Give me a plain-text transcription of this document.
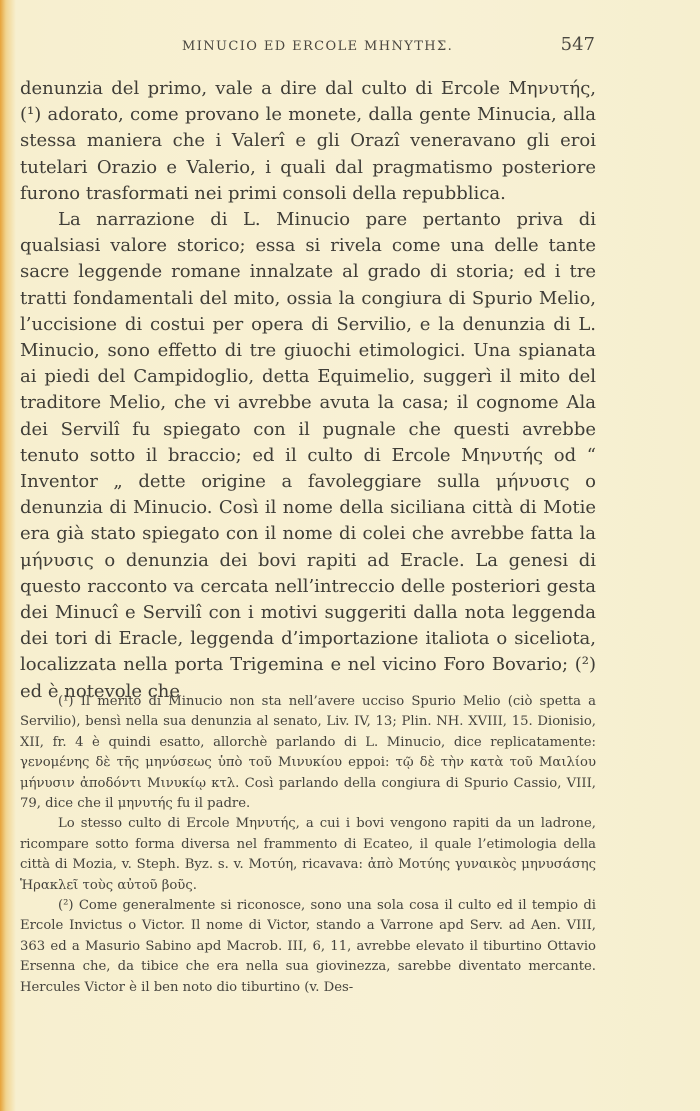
MINUCIO ED ERCOLE ΜΗΝΥΤΗΣ.	547

denunzia del primo, vale a dire dal culto di Ercole Μηνυτής, (¹) adorato, come provano le monete, dalla gente Minucia, alla stessa maniera che i Valerî e gli Orazî veneravano gli eroi tutelari Orazio e Valerio, i quali dal pragmatismo posteriore furono trasformati nei primi consoli della repubblica.

La narrazione di L. Minucio pare pertanto priva di qualsiasi valore storico; essa si rivela come una delle tante sacre leggende romane innalzate al grado di storia; ed i tre tratti fondamentali del mito, ossia la congiura di Spurio Melio, l’uccisione di costui per opera di Servilio, e la denunzia di L. Minucio, sono effetto di tre giuochi etimologici. Una spianata ai piedi del Campidoglio, detta Equimelio, suggerì il mito del traditore Melio, che vi avrebbe avuta la casa; il cognome Ala dei Servilî fu spiegato con il pugnale che questi avrebbe tenuto sotto il braccio; ed il culto di Ercole Μηνυτής od “ Inventor „ dette origine a favoleggiare sulla μήνυσις o denunzia di Minucio. Così il nome della siciliana città di Motie era già stato spiegato con il nome di colei che avrebbe fatta la μήνυσις o denunzia dei bovi rapiti ad Eracle. La genesi di questo racconto va cercata nell’intreccio delle posteriori gesta dei Minucî e Servilî con i motivi suggeriti dalla nota leggenda dei tori di Eracle, leggenda d’importazione italiota o siceliota, localizzata nella porta Trigemina e nel vicino Foro Bovario; (²) ed è notevole che

(¹) Il merito di Minucio non sta nell’avere ucciso Spurio Melio (ciò spetta a Servilio), bensì nella sua denunzia al senato, Liv. IV, 13; Plin. NH. XVIII, 15. Dionisio, XII, fr. 4 è quindi esatto, allorchè parlando di L. Minucio, dice replicatamente: γενομένης δὲ τῆς μηνύσεως ὑπὸ τοῦ Μινυκίου eppoi: τῷ δὲ τὴν κατὰ τοῦ Μαιλίου μήνυσιν ἀποδόντι Μινυκίῳ κτλ. Così parlando della congiura di Spurio Cassio, VIII, 79, dice che il μηνυτής fu il padre.

Lo stesso culto di Ercole Μηνυτής, a cui i bovi vengono rapiti da un ladrone, ricompare sotto forma diversa nel frammento di Ecateo, il quale l’etimologia della città di Mozia, v. Steph. Byz. s. v. Μοτύη, ricavava: ἀπὸ Μοτύης γυναικὸς μηνυσάσης Ἡρακλεῖ τοὺς αὐτοῦ βοῦς.

(²) Come generalmente si riconosce, sono una sola cosa il culto ed il tempio di Ercole Invictus o Victor. Il nome di Victor, stando a Varrone apd Serv. ad Aen. VIII, 363 ed a Masurio Sabino apd Macrob. III, 6, 11, avrebbe elevato il tiburtino Ottavio Ersenna che, da tibice che era nella sua giovinezza, sarebbe diventato mercante. Hercules Victor è il ben noto dio tiburtino (v. Des-
